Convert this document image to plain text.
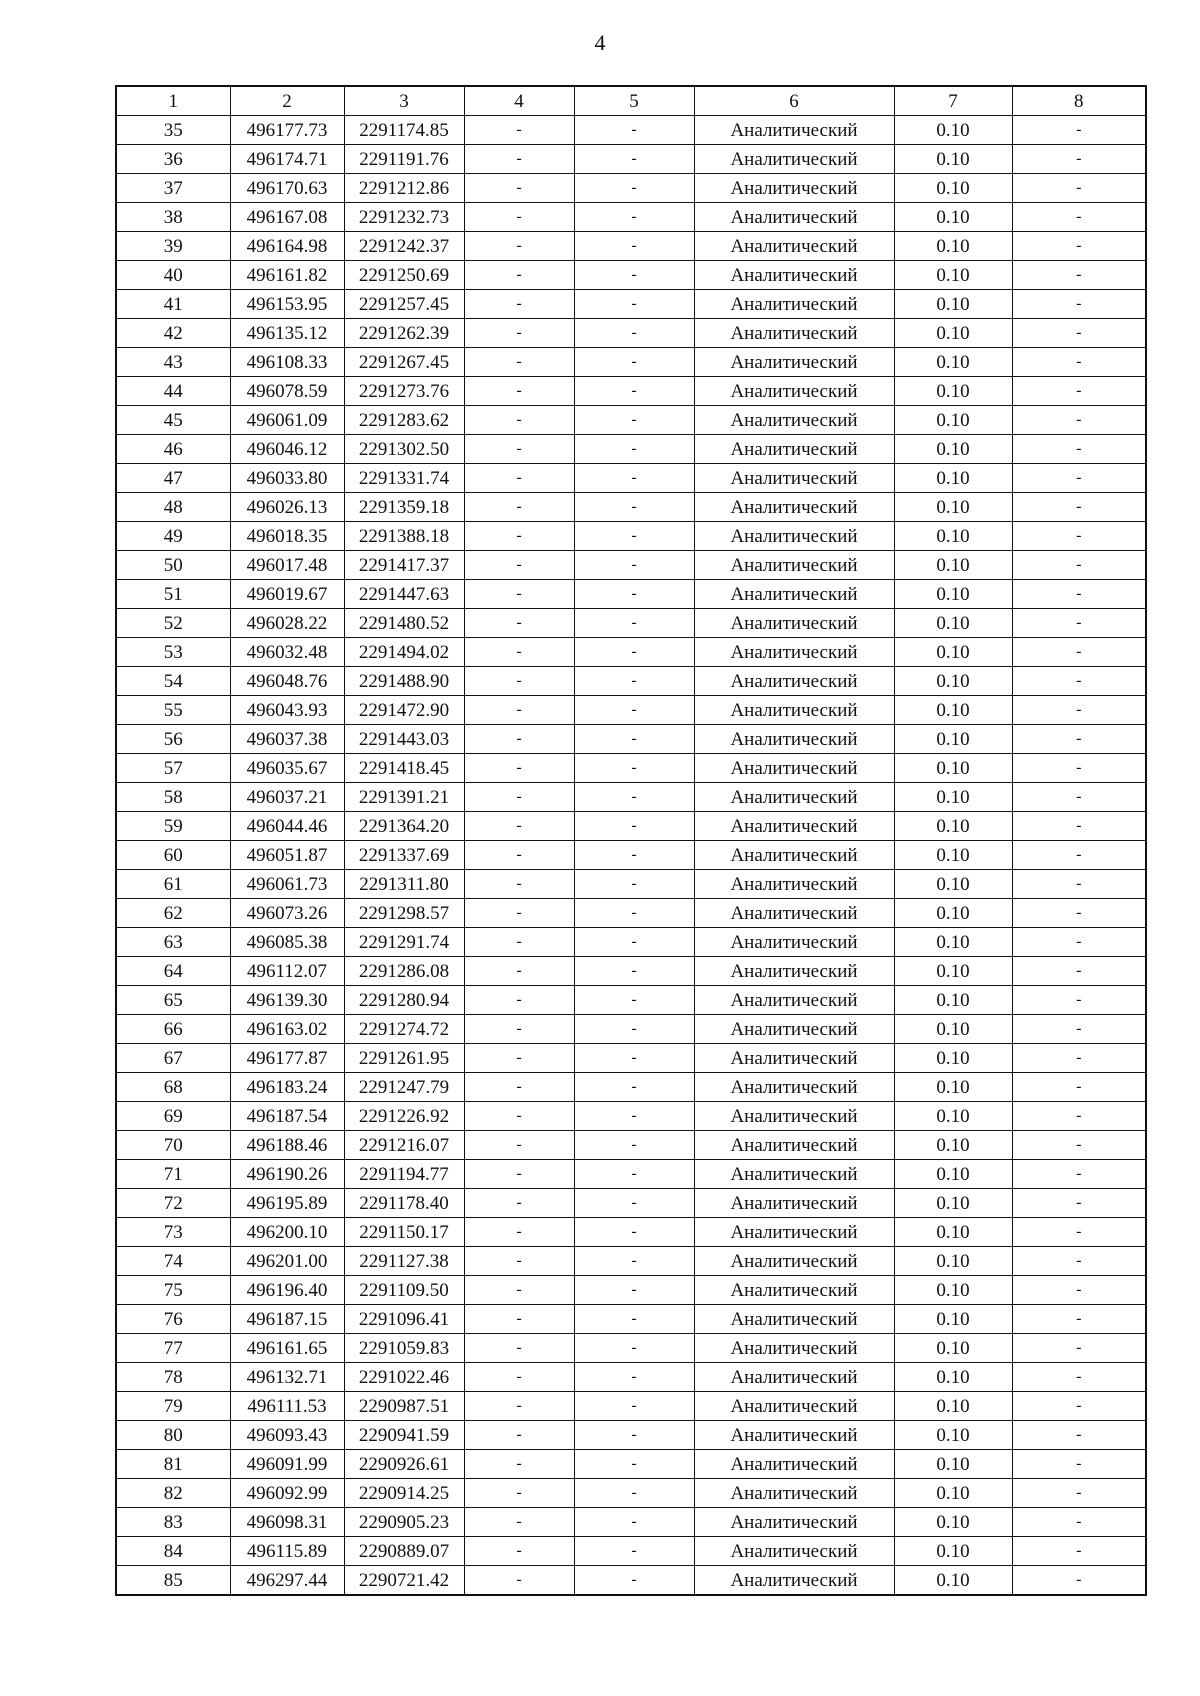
4
1	2	3	4	5	6	7	8
35	496177.73	2291174.85	-	-	Аналитический	0.10	-
36	496174.71	2291191.76	-	-	Аналитический	0.10	-
37	496170.63	2291212.86	-	-	Аналитический	0.10	-
38	496167.08	2291232.73	-	-	Аналитический	0.10	-
39	496164.98	2291242.37	-	-	Аналитический	0.10	-
40	496161.82	2291250.69	-	-	Аналитический	0.10	-
41	496153.95	2291257.45	-	-	Аналитический	0.10	-
42	496135.12	2291262.39	-	-	Аналитический	0.10	-
43	496108.33	2291267.45	-	-	Аналитический	0.10	-
44	496078.59	2291273.76	-	-	Аналитический	0.10	-
45	496061.09	2291283.62	-	-	Аналитический	0.10	-
46	496046.12	2291302.50	-	-	Аналитический	0.10	-
47	496033.80	2291331.74	-	-	Аналитический	0.10	-
48	496026.13	2291359.18	-	-	Аналитический	0.10	-
49	496018.35	2291388.18	-	-	Аналитический	0.10	-
50	496017.48	2291417.37	-	-	Аналитический	0.10	-
51	496019.67	2291447.63	-	-	Аналитический	0.10	-
52	496028.22	2291480.52	-	-	Аналитический	0.10	-
53	496032.48	2291494.02	-	-	Аналитический	0.10	-
54	496048.76	2291488.90	-	-	Аналитический	0.10	-
55	496043.93	2291472.90	-	-	Аналитический	0.10	-
56	496037.38	2291443.03	-	-	Аналитический	0.10	-
57	496035.67	2291418.45	-	-	Аналитический	0.10	-
58	496037.21	2291391.21	-	-	Аналитический	0.10	-
59	496044.46	2291364.20	-	-	Аналитический	0.10	-
60	496051.87	2291337.69	-	-	Аналитический	0.10	-
61	496061.73	2291311.80	-	-	Аналитический	0.10	-
62	496073.26	2291298.57	-	-	Аналитический	0.10	-
63	496085.38	2291291.74	-	-	Аналитический	0.10	-
64	496112.07	2291286.08	-	-	Аналитический	0.10	-
65	496139.30	2291280.94	-	-	Аналитический	0.10	-
66	496163.02	2291274.72	-	-	Аналитический	0.10	-
67	496177.87	2291261.95	-	-	Аналитический	0.10	-
68	496183.24	2291247.79	-	-	Аналитический	0.10	-
69	496187.54	2291226.92	-	-	Аналитический	0.10	-
70	496188.46	2291216.07	-	-	Аналитический	0.10	-
71	496190.26	2291194.77	-	-	Аналитический	0.10	-
72	496195.89	2291178.40	-	-	Аналитический	0.10	-
73	496200.10	2291150.17	-	-	Аналитический	0.10	-
74	496201.00	2291127.38	-	-	Аналитический	0.10	-
75	496196.40	2291109.50	-	-	Аналитический	0.10	-
76	496187.15	2291096.41	-	-	Аналитический	0.10	-
77	496161.65	2291059.83	-	-	Аналитический	0.10	-
78	496132.71	2291022.46	-	-	Аналитический	0.10	-
79	496111.53	2290987.51	-	-	Аналитический	0.10	-
80	496093.43	2290941.59	-	-	Аналитический	0.10	-
81	496091.99	2290926.61	-	-	Аналитический	0.10	-
82	496092.99	2290914.25	-	-	Аналитический	0.10	-
83	496098.31	2290905.23	-	-	Аналитический	0.10	-
84	496115.89	2290889.07	-	-	Аналитический	0.10	-
85	496297.44	2290721.42	-	-	Аналитический	0.10	-
